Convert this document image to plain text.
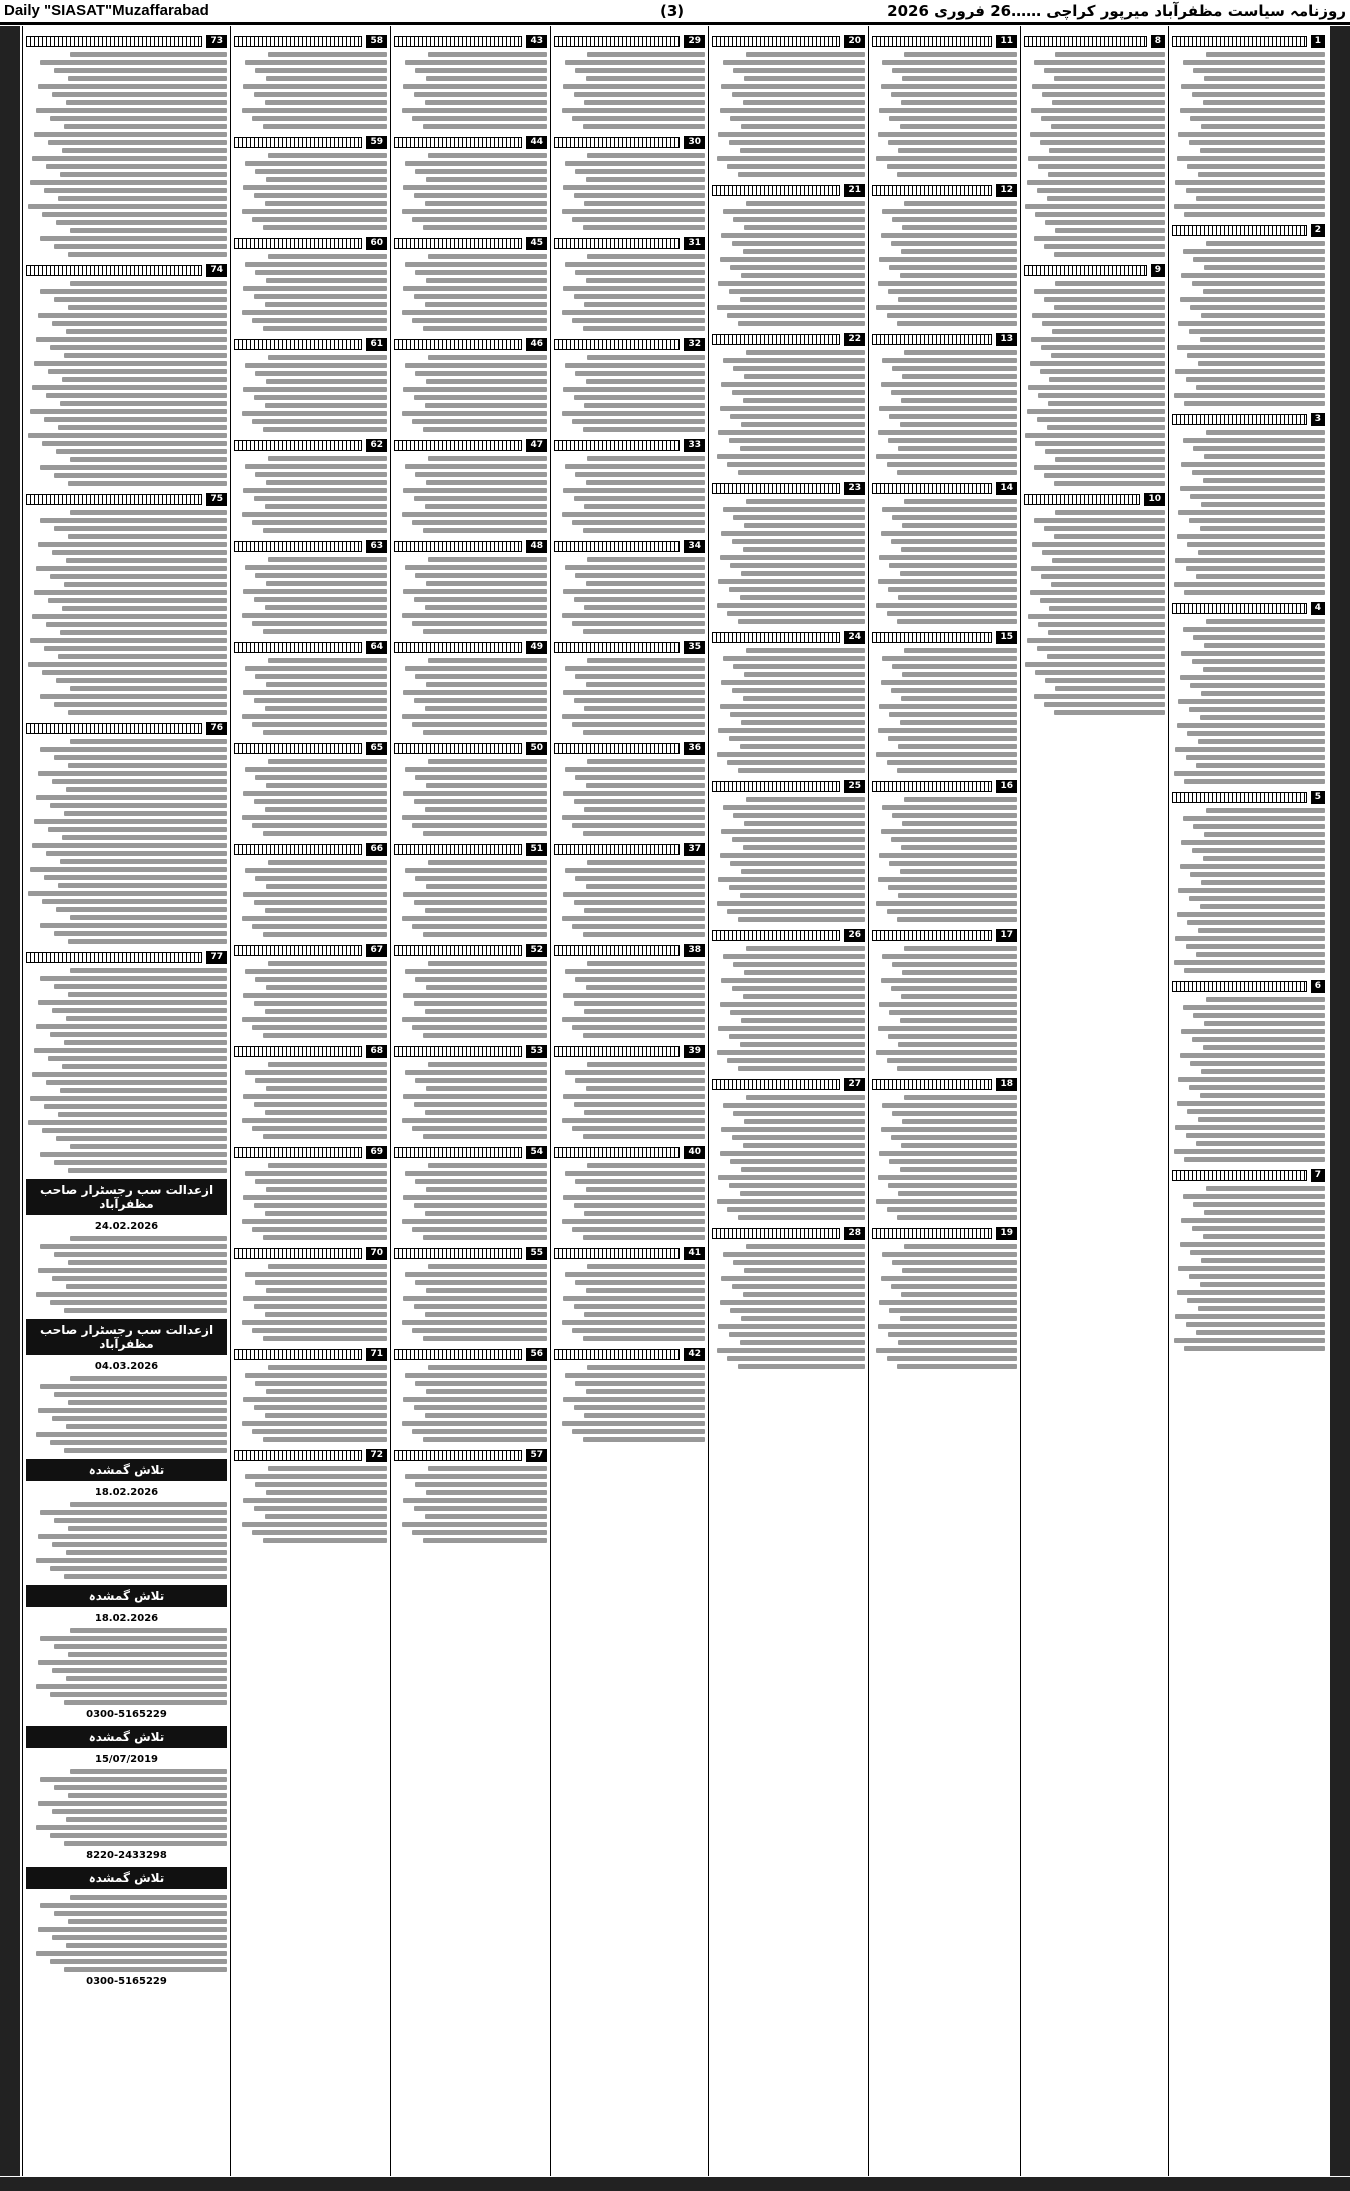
Daily "SIASAT"Muzaffarabad	(3)	روزنامہ سیاست مظفرآباد میرپور کراچی ……26 فروری 2026
1
2
3
4
5
6
7
8
9
10
11
12
13
14
15
16
17
18
19
20
21
22
23
24
25
26
27
28
29
30
31
32
33
34
35
36
37
38
39
40
41
42
43
44
45
46
47
48
49
50
51
52
53
54
55
56
57
58
59
60
61
62
63
64
65
66
67
68
69
70
71
72
73
74
75
76
77
ازعدالت سب رجسٹرار صاحب مظفرآباد
24.02.2026
ازعدالت سب رجسٹرار صاحب مظفرآباد
04.03.2026
تلاش گمشدہ
18.02.2026
تلاش گمشدہ
18.02.2026
0300-5165229
تلاش گمشدہ
15/07/2019
8220-2433298
تلاش گمشدہ
0300-5165229
